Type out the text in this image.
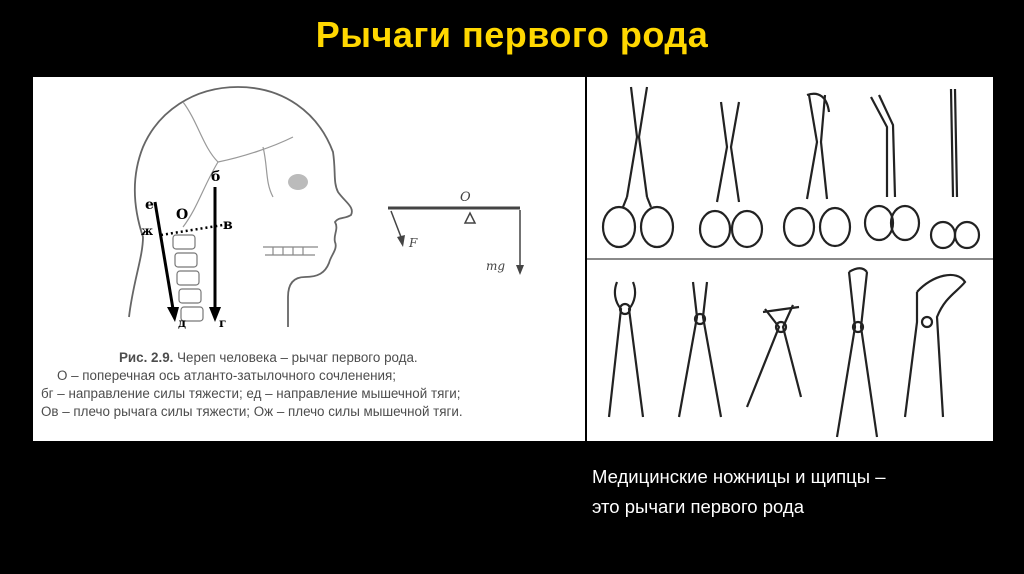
Рычаги первого рода
б
е
О
в
ж
д	г
O
F
mg
Рис. 2.9. Череп человека – рычаг первого рода.
О – поперечная ось атланто-затылочного сочленения;
бг – направление силы тяжести; ед – направление мышечной тяги;
Ов – плечо рычага силы тяжести; Ож – плечо силы мышечной тяги.
Медицинские ножницы и щипцы –
это рычаги первого рода
